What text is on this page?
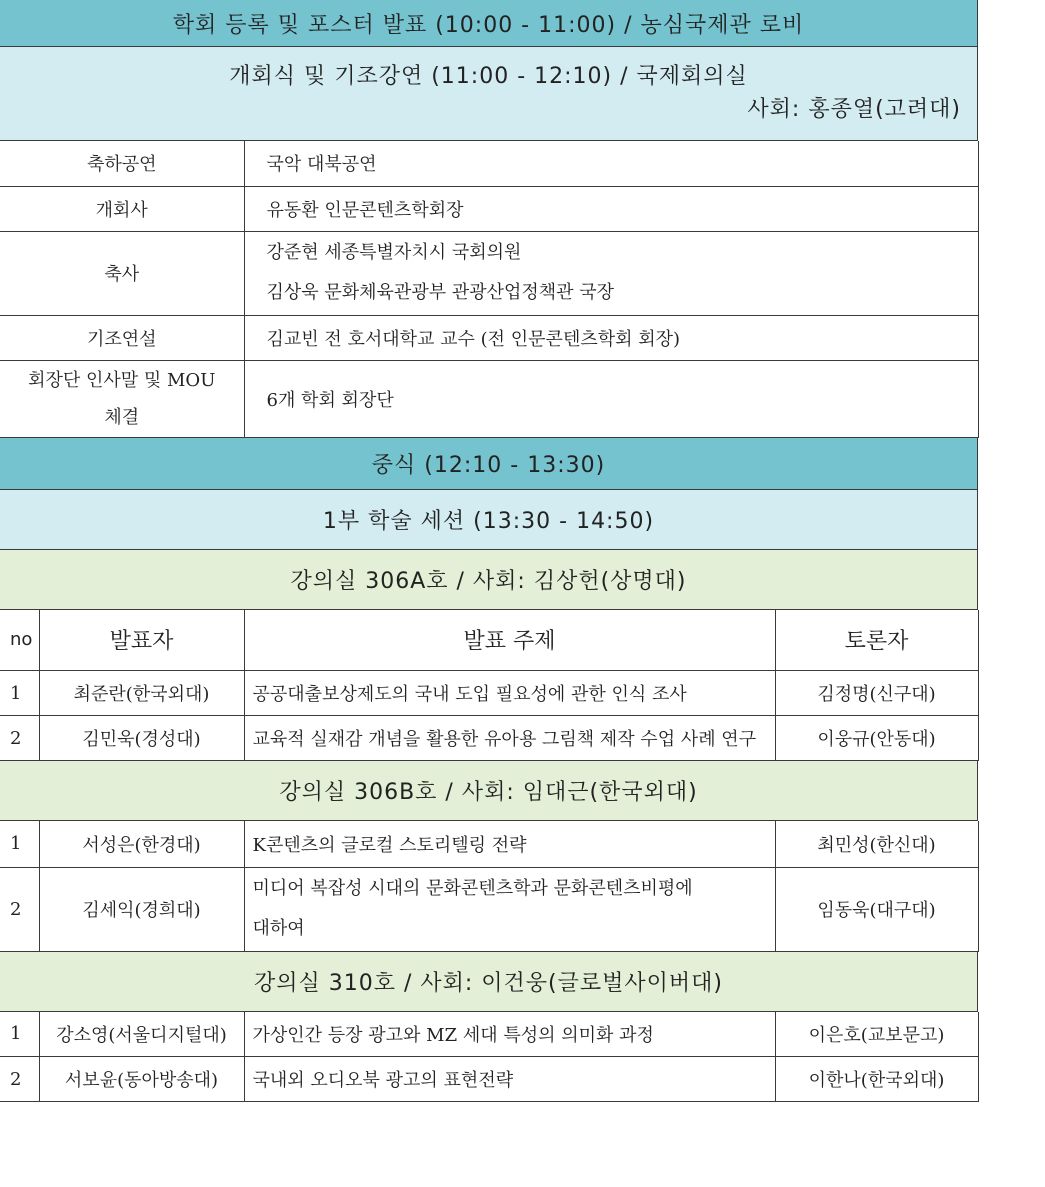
학회 등록 및 포스터 발표 (10:00 - 11:00) / 농심국제관 로비
개회식 및 기조강연 (11:00 - 12:10) / 국제회의실
사회: 홍종열(고려대)
축하공연	국악 대북공연
개회사	유동환 인문콘텐츠학회장
축사	강준현 세종특별자치시 국회의원
김상욱 문화체육관광부 관광산업정책관 국장

기조연설	김교빈 전 호서대학교 교수 (전 인문콘텐츠학회 회장)

회장단 인사말 및 MOU
체결	6개 학회 회장단
중식 (12:10 - 13:30)
1부 학술 세션 (13:30 - 14:50)
강의실 306A호 / 사회: 김상헌(상명대)
no	발표자	발표 주제	토론자
1	최준란(한국외대)	공공대출보상제도의 국내 도입 필요성에 관한 인식 조사	김정명(신구대)
2	김민욱(경성대)	교육적 실재감 개념을 활용한 유아용 그림책 제작 수업 사례 연구	이웅규(안동대)
강의실 306B호 / 사회: 임대근(한국외대)
1	서성은(한경대)	K콘텐츠의 글로컬 스토리텔링 전략	최민성(한신대)
2	김세익(경희대)	미디어 복잡성 시대의 문화콘텐츠학과 문화콘텐츠비평에
대하여	임동욱(대구대)
강의실 310호 / 사회: 이건웅(글로벌사이버대)
1	강소영(서울디지털대)	가상인간 등장 광고와 MZ 세대 특성의 의미화 과정	이은호(교보문고)
2	서보윤(동아방송대)	국내외 오디오북 광고의 표현전략	이한나(한국외대)
